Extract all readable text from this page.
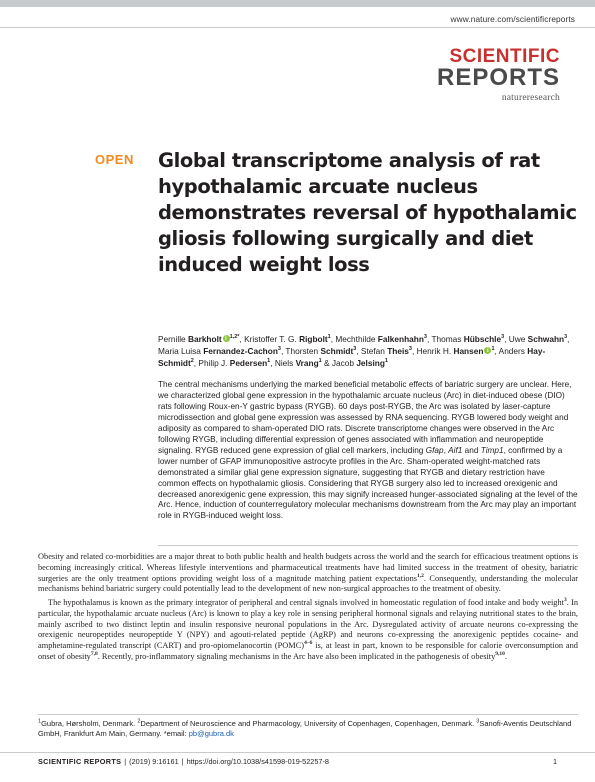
www.nature.com/scientificreports
SCIENTIFIC
REPORTS
natureresearch
OPEN Global transcriptome analysis of rat hypothalamic arcuate nucleus demonstrates reversal of hypothalamic gliosis following surgically and diet induced weight loss
Pernille Barkholti $^{1,2*}$, Kristoffer T. G. Rigbolt$^1$, Mechthilde Falkenhahn$^3$, Thomas Hübschle$^3$, Uwe Schwahn$^3$, Maria Luisa Fernandez-Cachon$^3$, Thorsten Schmidt$^3$, Stefan Theis$^3$, Henrik H. Hanseni $^1$, Anders Hay-Schmidt$^2$, Philip J. Pedersen$^1$, Niels Vrang$^1$ & Jacob Jelsing$^1$

The central mechanisms underlying the marked beneficial metabolic effects of bariatric surgery are unclear. Here, we characterized global gene expression in the hypothalamic arcuate nucleus (Arc) in diet-induced obese (DIO) rats following Roux-en-Y gastric bypass (RYGB). 60 days post-RYGB, the Arc was isolated by laser-capture microdissection and global gene expression was assessed by RNA sequencing. RYGB lowered body weight and adiposity as compared to sham-operated DIO rats. Discrete transcriptome changes were observed in the Arc following RYGB, including differential expression of genes associated with inflammation and neuropeptide signaling. RYGB reduced gene expression of glial cell markers, including Gfap, Aif1 and Timp1, confirmed by a lower number of GFAP immunopositive astrocyte profiles in the Arc. Sham-operated weight-matched rats demonstrated a similar glial gene expression signature, suggesting that RYGB and dietary restriction have common effects on hypothalamic gliosis. Considering that RYGB surgery also led to increased orexigenic and decreased anorexigenic gene expression, this may signify increased hunger-associated signaling at the level of the Arc. Hence, induction of counterregulatory molecular mechanisms downstream from the Arc may play an important role in RYGB-induced weight loss.

Obesity and related co-morbidities are a major threat to both public health and health budgets across the world and the search for efficacious treatment options is becoming increasingly critical. Whereas lifestyle interventions and pharmaceutical treatments have had limited success in the treatment of obesity, bariatric surgeries are the only treatment options providing weight loss of a magnitude matching patient expectations$^{1,2}$. Consequently, understanding the molecular mechanisms behind bariatric surgery could potentially lead to the development of new non-surgical approaches to the treatment of obesity.

The hypothalamus is known as the primary integrator of peripheral and central signals involved in homeostatic regulation of food intake and body weight$^3$. In particular, the hypothalamic arcuate nucleus (Arc) is known to play a key role in sensing peripheral hormonal signals and relaying nutritional states to the brain, mainly ascribed to two distinct leptin and insulin responsive neuronal populations in the Arc. Dysregulated activity of arcuate neurons co-expressing the orexigenic neuropeptides neuropeptide Y (NPY) and agouti-related peptide (AgRP) and neurons co-expressing the anorexigenic peptides cocaine- and amphetamine-regulated transcript (CART) and pro-opiomelanocortin (POMC)$^{4-6}$ is, at least in part, known to be responsible for calorie overconsumption and onset of obesity$^{7,8}$. Recently, pro-inflammatory signaling mechanisms in the Arc have also been implicated in the pathogenesis of obesity$^{9,10}$.

$^1$Gubra, Hørsholm, Denmark. $^2$Department of Neuroscience and Pharmacology, University of Copenhagen, Copenhagen, Denmark. $^3$Sanofi-Aventis Deutschland GmbH, Frankfurt Am Main, Germany. *email: pb@gubra.dk
SCIENTIFIC REPORTS | (2019) 9:16161 | https://doi.org/10.1038/s41598-019-52257-8	1
